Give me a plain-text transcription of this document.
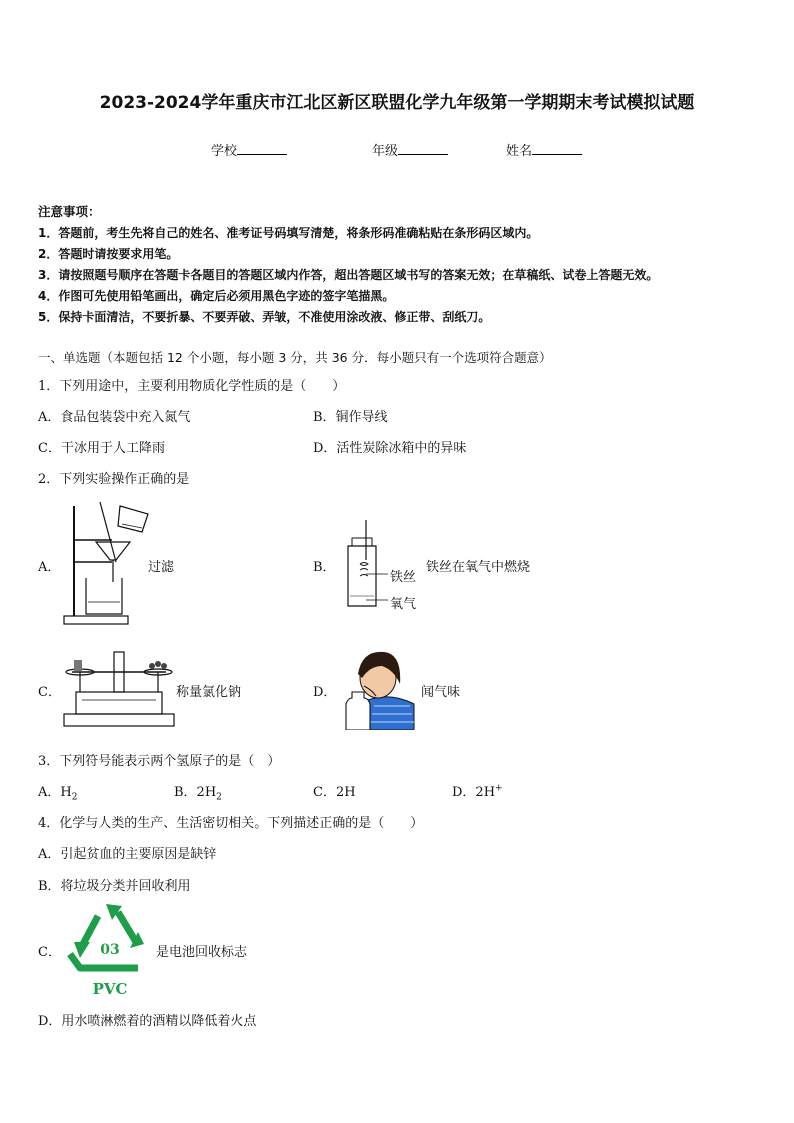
2023-2024学年重庆市江北区新区联盟化学九年级第一学期期末考试模拟试题
学校	年级	姓名
注意事项：
1．答题前，考生先将自己的姓名、准考证号码填写清楚，将条形码准确粘贴在条形码区域内。
2．答题时请按要求用笔。
3．请按照题号顺序在答题卡各题目的答题区域内作答，超出答题区域书写的答案无效；在草稿纸、试卷上答题无效。
4．作图可先使用铅笔画出，确定后必须用黑色字迹的签字笔描黑。
5．保持卡面清洁，不要折暴、不要弄破、弄皱，不准使用涂改液、修正带、刮纸刀。
一、单选题（本题包括 12 个小题，每小题 3 分，共 36 分．每小题只有一个选项符合题意）
1．下列用途中，主要利用物质化学性质的是（　　）
A．食品包装袋中充入氮气	B．铜作导线
C．干冰用于人工降雨	D．活性炭除冰箱中的异味
2．下列实验操作正确的是
A．	过滤	B．
铁丝
氧气
铁丝在氧气中燃烧
C．	称量氯化钠	D．	闻气味
3．下列符号能表示两个氢原子的是（　）
A．$H_2$	B．$2H_2$	C．2H	D．2H+
4．化学与人类的生产、生活密切相关。下列描述正确的是（　　）
A．引起贫血的主要原因是缺锌
B．将垃圾分类并回收利用
C．	03
PVC
是电池回收标志
D．用水喷淋燃着的酒精以降低着火点
